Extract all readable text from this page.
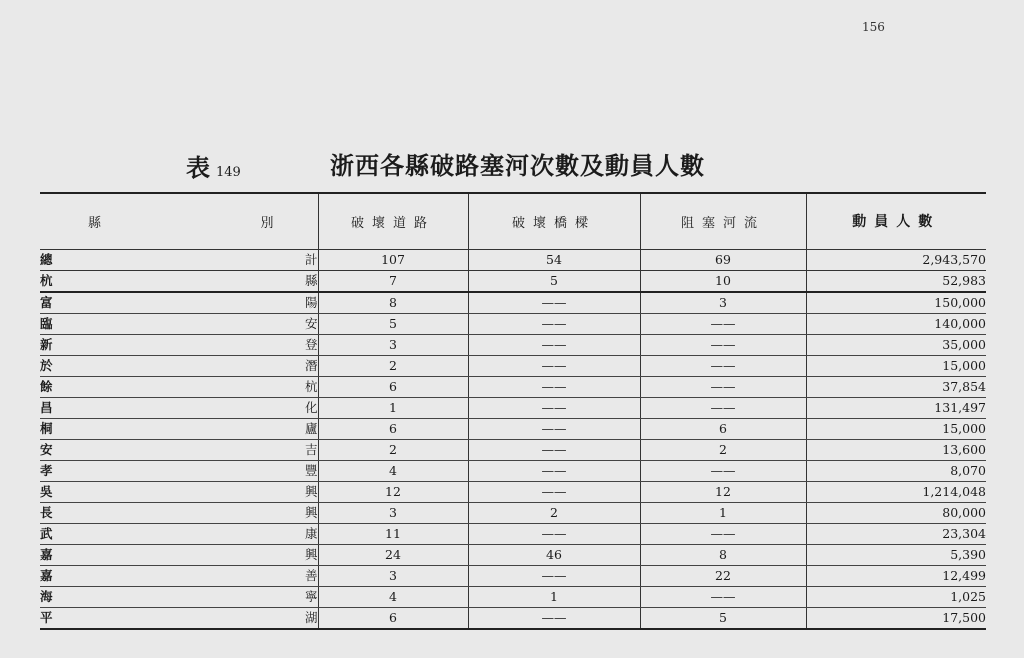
156
表 149	浙西各縣破路塞河次數及動員人數
縣	別	破壞道路	破壞橋樑	阻塞河流	動員人數
總	計	107	54	69	2,943,570
杭	縣	7	5	10	52,983
富	陽	8	——	3	150,000
臨	安	5	——	——	140,000
新	登	3	——	——	35,000
於	潛	2	——	——	15,000
餘	杭	6	——	——	37,854
昌	化	1	——	——	131,497
桐	廬	6	——	6	15,000
安	吉	2	——	2	13,600
孝	豐	4	——	——	8,070
吳	興	12	——	12	1,214,048
長	興	3	2	1	80,000
武	康	11	——	——	23,304
嘉	興	24	46	8	5,390
嘉	善	3	——	22	12,499
海	寧	4	1	——	1,025
平	湖	6	——	5	17,500
